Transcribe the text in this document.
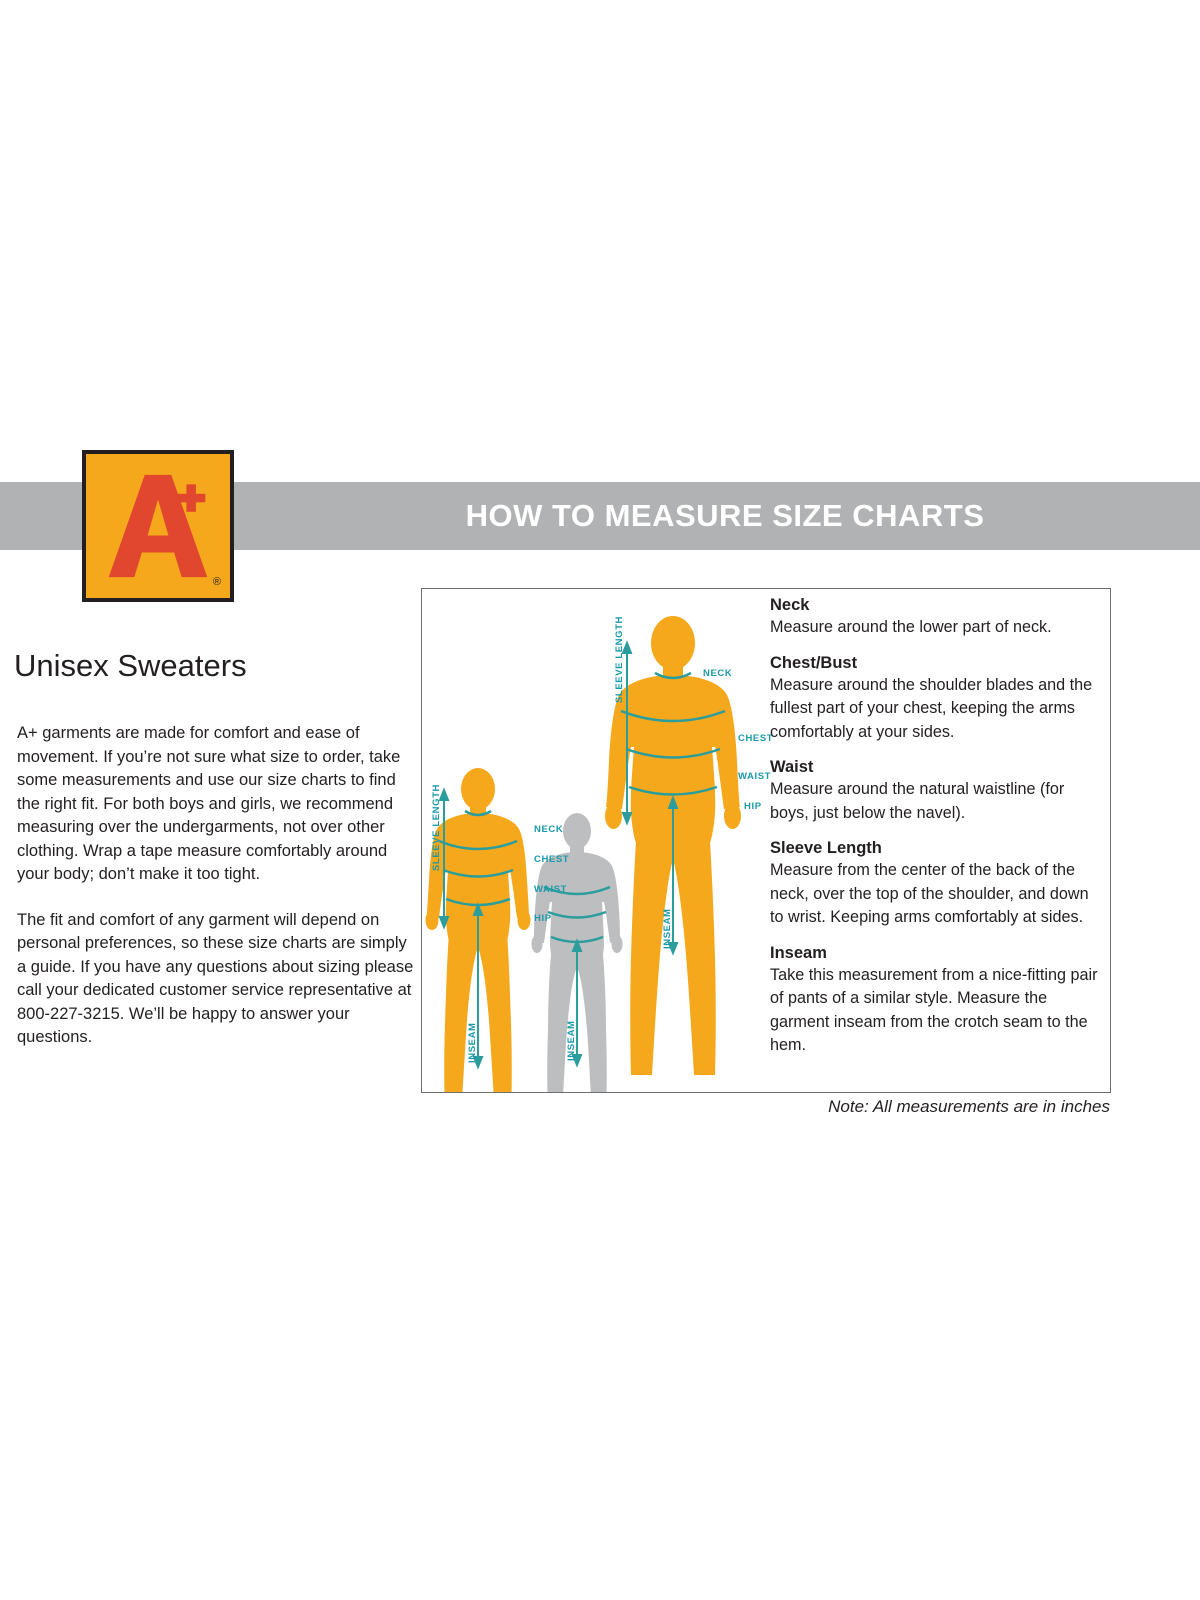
HOW TO MEASURE SIZE CHARTS
®
Unisex Sweaters

A+ garments are made for comfort and ease of movement. If you’re not sure what size to order, take some measurements and use our size charts to find the right fit. For both boys and girls, we recommend measuring over the undergarments, not over other clothing. Wrap a tape measure comfortably around your body; don’t make it too tight.

The fit and comfort of any garment will depend on personal preferences, so these size charts are simply a guide. If you have any questions about sizing please call your dedicated customer service representative at 800-227-3215. We’ll be happy to answer your questions.

SLEEVE LENGTH	NECK
CHEST
WAIST
HIP
INSEAM
SLEEVE LENGTH	NECK
CHEST
WAIST
HIP
INSEAM	INSEAM
Neck
Measure around the lower part of neck.
Chest/Bust
Measure around the shoulder blades and the fullest part of your chest, keeping the arms comfortably at your sides.
Waist
Measure around the natural waistline (for boys, just below the navel).
Sleeve Length
Measure from the center of the back of the neck, over the top of the shoulder, and down to wrist. Keeping arms comfortably at sides.
Inseam
Take this measurement from a nice-fitting pair of pants of a similar style. Measure the garment inseam from the crotch seam to the hem.
Note: All measurements are in inches
